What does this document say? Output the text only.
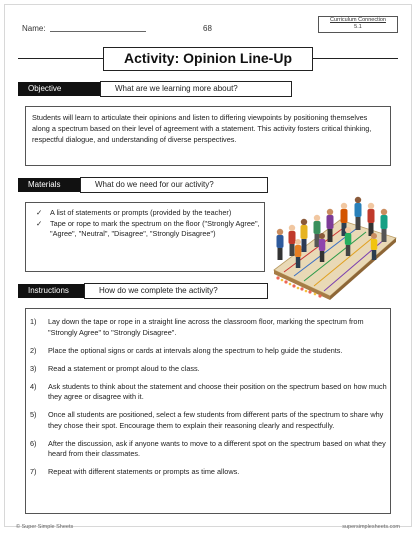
Name:	68
Curriculum Connection
5.1
Activity: Opinion Line-Up
Objective	What are we learning more about?
Students will learn to articulate their opinions and listen to differing viewpoints by positioning themselves along a spectrum based on their level of agreement with a statement. This activity fosters critical thinking, respectful dialogue, and understanding of diverse perspectives.
Materials	What do we need for our activity?
✓ A list of statements or prompts (provided by the teacher)
✓ Tape or rope to mark the spectrum on the floor ("Strongly Agree", "Agree", "Neutral", "Disagree", "Strongly Disagree")
Instructions	How do we complete the activity?
1) Lay down the tape or rope in a straight line across the classroom floor, marking the spectrum from "Strongly Agree" to "Strongly Disagree".
2) Place the optional signs or cards at intervals along the spectrum to help guide the students.
3) Read a statement or prompt aloud to the class.
4) Ask students to think about the statement and choose their position on the spectrum based on how much they agree or disagree with it.
5) Once all students are positioned, select a few students from different parts of the spectrum to share why they chose their spot. Encourage them to explain their reasoning clearly and respectfully.
6) After the discussion, ask if anyone wants to move to a different spot on the spectrum based on what they heard from their classmates.
7) Repeat with different statements or prompts as time allows.
© Super Simple Sheets	supersimplesheets.com
